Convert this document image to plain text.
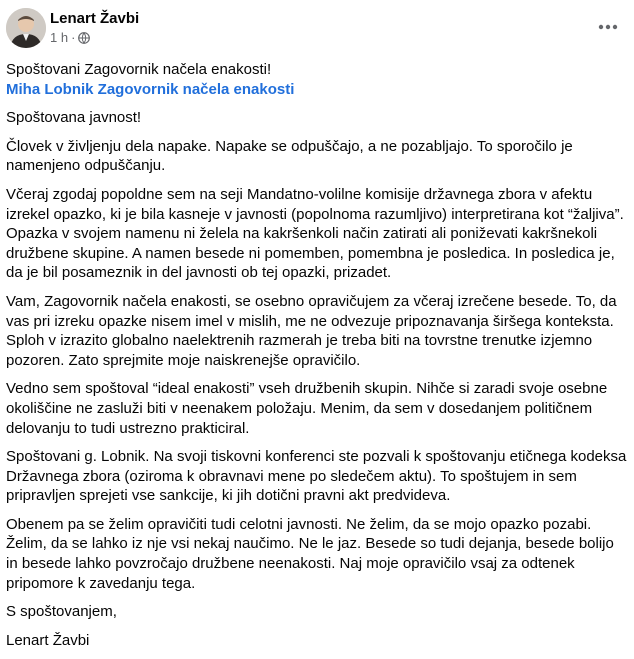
Lenart Žavbi
1 h ·

Spoštovani Zagovornik načela enakosti!

Miha Lobnik Zagovornik načela enakosti

Spoštovana javnost!

Človek v življenju dela napake. Napake se odpuščajo, a ne pozabljajo. To sporočilo je namenjeno odpuščanju.

Včeraj zgodaj popoldne sem na seji Mandatno-volilne komisije državnega zbora v afektu izrekel opazko, ki je bila kasneje v javnosti (popolnoma razumljivo) interpretirana kot “žaljiva”. Opazka v svojem namenu ni želela na kakršenkoli način zatirati ali poniževati kakršnekoli družbene skupine. A namen besede ni pomemben, pomembna je posledica. In posledica je, da je bil posameznik in del javnosti ob tej opazki, prizadet.

Vam, Zagovornik načela enakosti, se osebno opravičujem za včeraj izrečene besede. To, da vas pri izreku opazke nisem imel v mislih, me ne odvezuje pripoznavanja širšega konteksta. Sploh v izrazito globalno naelektrenih razmerah je treba biti na tovrstne trenutke izjemno pozoren. Zato sprejmite moje naiskrenejše opravičilo.

Vedno sem spoštoval “ideal enakosti” vseh družbenih skupin. Nihče si zaradi svoje osebne okoliščine ne zasluži biti v neenakem položaju. Menim, da sem v dosedanjem političnem delovanju to tudi ustrezno prakticiral.

Spoštovani g. Lobnik. Na svoji tiskovni konferenci ste pozvali k spoštovanju etičnega kodeksa Državnega zbora (oziroma k obravnavi mene po sledečem aktu). To spoštujem in sem pripravljen sprejeti vse sankcije, ki jih dotični pravni akt predvideva.

Obenem pa se želim opravičiti tudi celotni javnosti. Ne želim, da se mojo opazko pozabi. Želim, da se lahko iz nje vsi nekaj naučimo. Ne le jaz. Besede so tudi dejanja, besede bolijo in besede lahko povzročajo družbene neenakosti. Naj moje opravičilo vsaj za odtenek pripomore k zavedanju tega.

S spoštovanjem,

Lenart Žavbi
